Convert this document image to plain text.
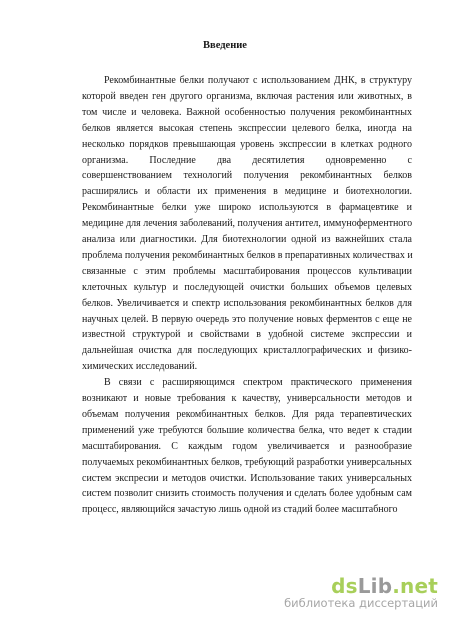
Введение
Рекомбинантные белки получают с использованием ДНК, в структуру
которой введен ген другого организма, включая растения или животных, в
том числе и человека. Важной особенностью получения рекомбинантных
белков является высокая степень экспрессии целевого белка, иногда на
несколько порядков превышающая уровень экспрессии в клетках родного
организма. Последние два десятилетия одновременно с
совершенствованием технологий получения рекомбинантных белков
расширялись и области их применения в медицине и биотехнологии.
Рекомбинантные белки уже широко используются в фармацевтике и
медицине для лечения заболеваний, получения антител, иммуноферментного
анализа или диагностики. Для биотехнологии одной из важнейших стала
проблема получения рекомбинантных белков в препаративных количествах и
связанные с этим проблемы масштабирования процессов культивации
клеточных культур и последующей очистки больших объемов целевых
белков. Увеличивается и спектр использования рекомбинантных белков для
научных целей. В первую очередь это получение новых ферментов с еще не
известной структурой и свойствами в удобной системе экспрессии и
дальнейшая очистка для последующих кристаллографических и физико-
химических исследований.
В связи с расширяющимся спектром практического применения
возникают и новые требования к качеству, универсальности методов и
объемам получения рекомбинантных белков. Для ряда терапевтических
применений уже требуются большие количества белка, что ведет к стадии
масштабирования. С каждым годом увеличивается и разнообразие
получаемых рекомбинантных белков, требующий разработки универсальных
систем экспресии и методов очистки. Использование таких универсальных
систем позволит снизить стоимость получения и сделать более удобным сам
процесс, являющийся зачастую лишь одной из стадий более масштабного
dsLib.net
библиотека диссертаций
